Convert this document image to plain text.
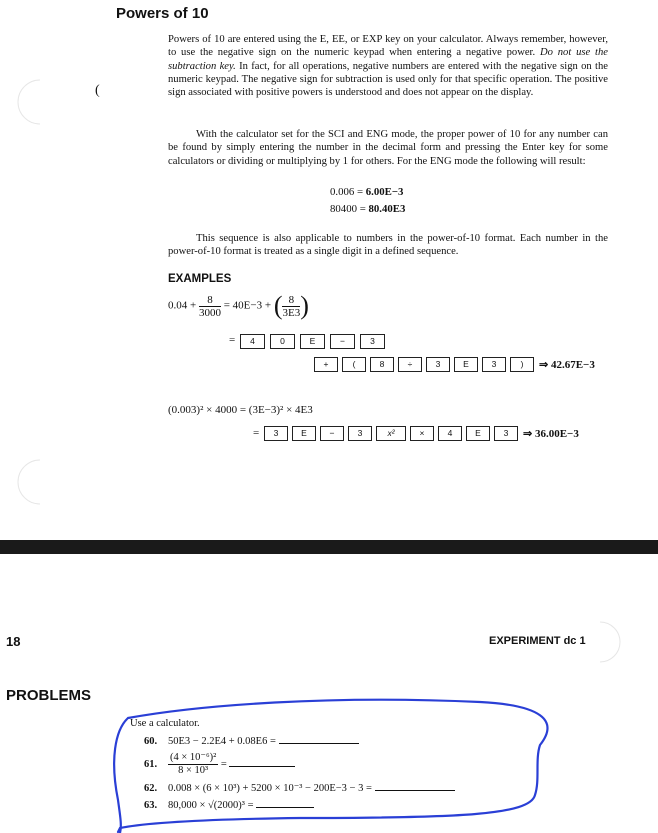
(
Powers of 10

Powers of 10 are entered using the E, EE, or EXP key on your calculator. Always remember, however, to use the negative sign on the numeric keypad when entering a negative power. Do not use the subtraction key. In fact, for all operations, negative numbers are entered with the negative sign on the numeric keypad. The negative sign for subtraction is used only for that specific operation. The positive sign associated with positive powers is understood and does not appear on the display.

With the calculator set for the SCI and ENG mode, the proper power of 10 for any number can be found by simply entering the number in the decimal form and pressing the Enter key for some calculators or dividing or multiplying by 1 for others. For the ENG mode the following will result:

0.006 = 6.00E−3
80400 = 80.40E3

This sequence is also applicable to numbers in the power-of-10 format. Each number in the power-of-10 format is treated as a single digit in a defined sequence.

EXAMPLES
$0.04 + \frac{8}{3000} = 40E-3$ + ( $\frac{8}{3E3}$ )
=	4	0	E	−	3
+	(	8	÷	3	E	3	)	⇒ 42.67E−3
(0.003)² × 4000 = (3E−3)² × 4E3
=	3	E	−	3	x²	×	4	E	3	⇒ 36.00E−3
18	EXPERIMENT dc 1
PROBLEMS
Use a calculator.
60. 50E3 − 2.2E4 + 0.08E6 =
61. $\frac{\text{(4 × 10⁻⁶)²}}{\text{8 × 10³}}$ =
62. 0.008 × (6 × 10³) + 5200 × 10⁻³ − 200E−3 − 3 =
63. 80,000 × √(2000)³ =
